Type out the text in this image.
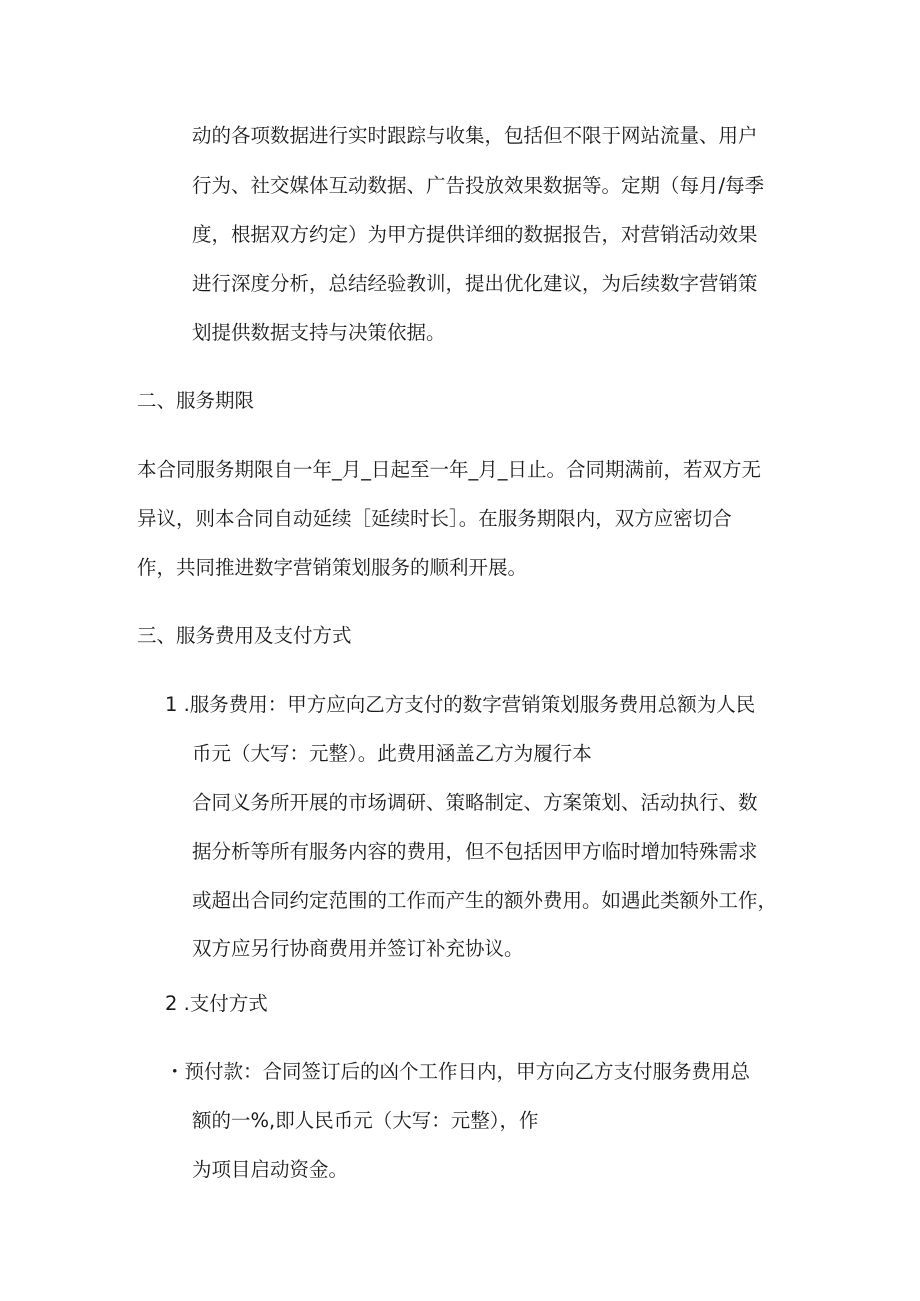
动的各项数据进行实时跟踪与收集，包括但不限于网站流量、用户
行为、社交媒体互动数据、广告投放效果数据等。定期（每月/每季
度，根据双方约定）为甲方提供详细的数据报告，对营销活动效果
进行深度分析，总结经验教训，提出优化建议，为后续数字营销策
划提供数据支持与决策依据。
二、服务期限
本合同服务期限自一年_月_日起至一年_月_日止。合同期满前，若双方无
异议，则本合同自动延续［延续时长］。在服务期限内，双方应密切合
作，共同推进数字营销策划服务的顺利开展。
三、服务费用及支付方式
1 .服务费用：甲方应向乙方支付的数字营销策划服务费用总额为人民
币元（大写：元整）。此费用涵盖乙方为履行本
合同义务所开展的市场调研、策略制定、方案策划、活动执行、数
据分析等所有服务内容的费用，但不包括因甲方临时增加特殊需求
或超出合同约定范围的工作而产生的额外费用。如遇此类额外工作，
双方应另行协商费用并签订补充协议。
2 .支付方式
・预付款：合同签订后的凶个工作日内，甲方向乙方支付服务费用总
额的一%,即人民币元（大写：元整），作
为项目启动资金。
